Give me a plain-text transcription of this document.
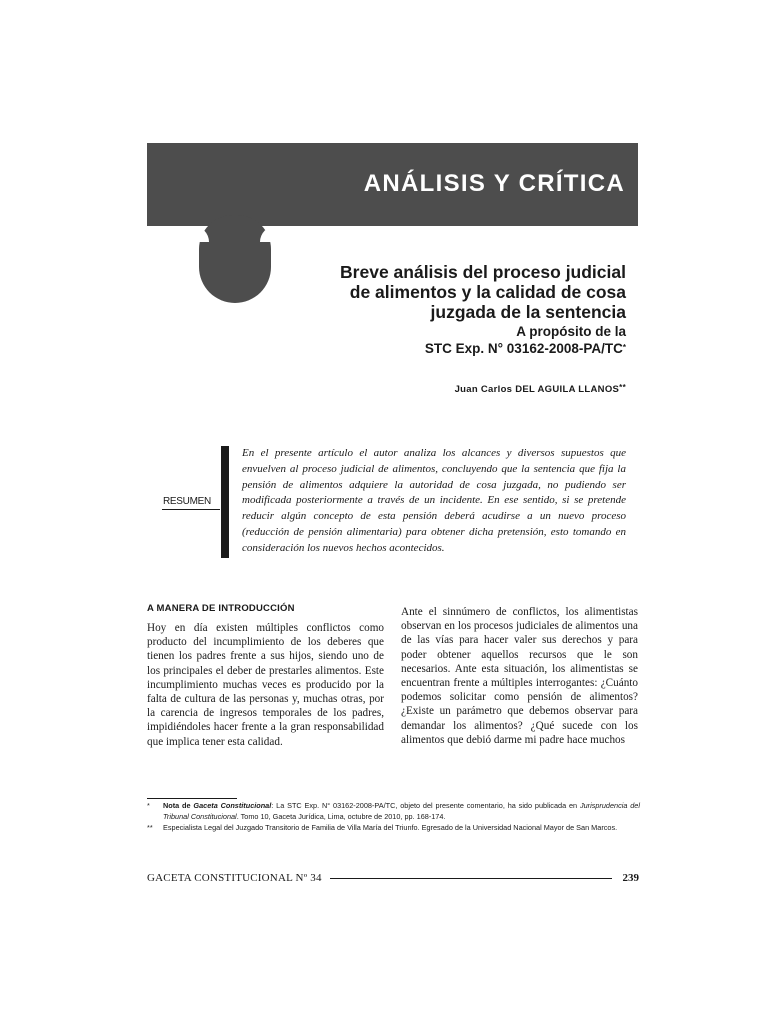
ANÁLISIS Y CRÍTICA
Breve análisis del proceso judicial
de alimentos y la calidad de cosa
juzgada de la sentencia
A propósito de la
STC Exp. N° 03162-2008-PA/TC*
Juan Carlos DEL AGUILA LLANOS**
RESUMEN

En el presente artículo el autor analiza los alcances y diversos supuestos que envuelven al proceso judicial de alimentos, concluyendo que la sentencia que fija la pensión de alimentos adquiere la autoridad de cosa juzgada, no pudiendo ser modificada posteriormente a través de un incidente. En ese sentido, si se pretende reducir algún concepto de esta pensión deberá acudirse a un nuevo proceso (reducción de pensión alimentaria) para obtener dicha pretensión, esto tomando en consideración los nuevos hechos acontecidos.

A MANERA DE INTRODUCCIÓN

Hoy en día existen múltiples conflictos como producto del incumplimiento de los deberes que tienen los padres frente a sus hijos, siendo uno de los principales el deber de prestarles alimentos. Este incumplimiento muchas veces es producido por la falta de cultura de las personas y, muchas otras, por la carencia de ingresos temporales de los padres, impidiéndoles hacer frente a la gran responsabilidad que implica tener esta calidad.

Ante el sinnúmero de conflictos, los alimentistas observan en los procesos judiciales de alimentos una de las vías para hacer valer sus derechos y para poder obtener aquellos recursos que le son necesarios. Ante esta situación, los alimentistas se encuentran frente a múltiples interrogantes: ¿Cuánto podemos solicitar como pensión de alimentos? ¿Existe un parámetro que debemos observar para demandar los alimentos? ¿Qué sucede con los alimentos que debió darme mi padre hace muchos

* Nota de Gaceta Constitucional: La STC Exp. N° 03162-2008-PA/TC, objeto del presente comentario, ha sido publicada en Jurisprudencia del Tribunal Constitucional. Tomo 10, Gaceta Jurídica, Lima, octubre de 2010, pp. 168-174.
** Especialista Legal del Juzgado Transitorio de Familia de Villa María del Triunfo. Egresado de la Universidad Nacional Mayor de San Marcos.
GACETA CONSTITUCIONAL Nº 34	239
